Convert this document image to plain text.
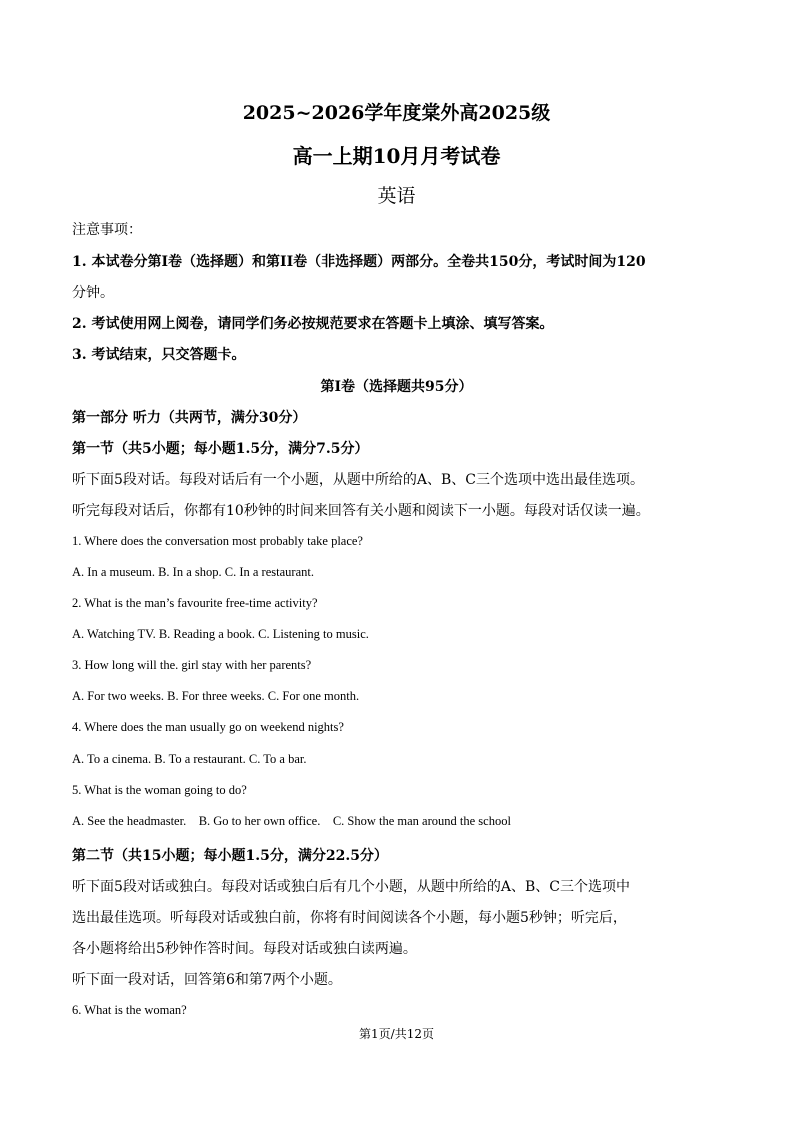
2025~2026学年度棠外高2025级
高一上期10月月考试卷
英语
注意事项：
1. 本试卷分第I卷（选择题）和第II卷（非选择题）两部分。全卷共150分，考试时间为120
分钟。
2. 考试使用网上阅卷，请同学们务必按规范要求在答题卡上填涂、填写答案。
3. 考试结束，只交答题卡。
第I卷（选择题共95分）
第一部分 听力（共两节，满分30分）
第一节（共5小题；每小题1.5分，满分7.5分）
听下面5段对话。每段对话后有一个小题，从题中所给的A、B、C三个选项中选出最佳选项。
听完每段对话后，你都有10秒钟的时间来回答有关小题和阅读下一小题。每段对话仅读一遍。
1. Where does the conversation most probably take place?
A. In a museum. B. In a shop. C. In a restaurant.
2. What is the man’s favourite free-time activity?
A. Watching TV. B. Reading a book. C. Listening to music.
3. How long will the. girl stay with her parents?
A. For two weeks. B. For three weeks. C. For one month.
4. Where does the man usually go on weekend nights?
A. To a cinema. B. To a restaurant. C. To a bar.
5. What is the woman going to do?
A. See the headmaster.    B. Go to her own office.    C. Show the man around the school
第二节（共15小题；每小题1.5分，满分22.5分）
听下面5段对话或独白。每段对话或独白后有几个小题，从题中所给的A、B、C三个选项中
选出最佳选项。听每段对话或独白前，你将有时间阅读各个小题，每小题5秒钟；听完后，
各小题将给出5秒钟作答时间。每段对话或独白读两遍。
听下面一段对话，回答第6和第7两个小题。
6. What is the woman?
第1页/共12页
